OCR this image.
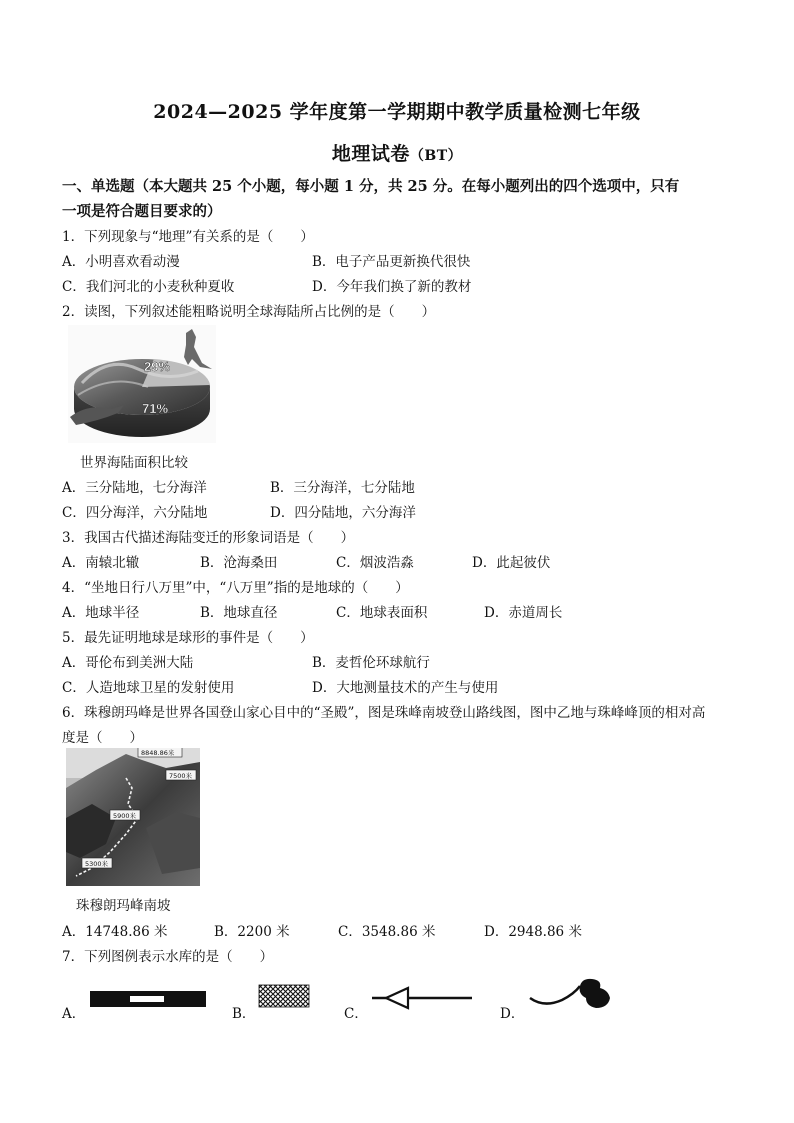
2024—2025 学年度第一学期期中教学质量检测七年级
地理试卷（BT）
一、单选题（本大题共 25 个小题，每小题 1 分，共 25 分。在每小题列出的四个选项中，只有
一项是符合题目要求的）
1．下列现象与“地理”有关系的是（　　）
A．小明喜欢看动漫	B．电子产品更新换代很快
C．我们河北的小麦秋种夏收	D．今年我们换了新的教材
2．读图，下列叙述能粗略说明全球海陆所占比例的是（　　）
29%
71%
世界海陆面积比较
A．三分陆地，七分海洋	B．三分海洋，七分陆地
C．四分海洋，六分陆地	D．四分陆地，六分海洋
3．我国古代描述海陆变迁的形象词语是（　　）
A．南辕北辙	B．沧海桑田	C．烟波浩淼	D．此起彼伏
4．“坐地日行八万里”中，“八万里”指的是地球的（　　）
A．地球半径	B．地球直径	C．地球表面积	D．赤道周长
5．最先证明地球是球形的事件是（　　）
A．哥伦布到美洲大陆	B．麦哲伦环球航行
C．人造地球卫星的发射使用	D．大地测量技术的产生与使用
6．珠穆朗玛峰是世界各国登山家心目中的“圣殿”，图是珠峰南坡登山路线图，图中乙地与珠峰峰顶的相对高
度是（　　）
8848.86米
7500米
5900米
5300米
珠穆朗玛峰南坡
A．14748.86 米	B．2200 米	C．3548.86 米	D．2948.86 米
7．下列图例表示水库的是（　　）
A．	B．	C．	D．
